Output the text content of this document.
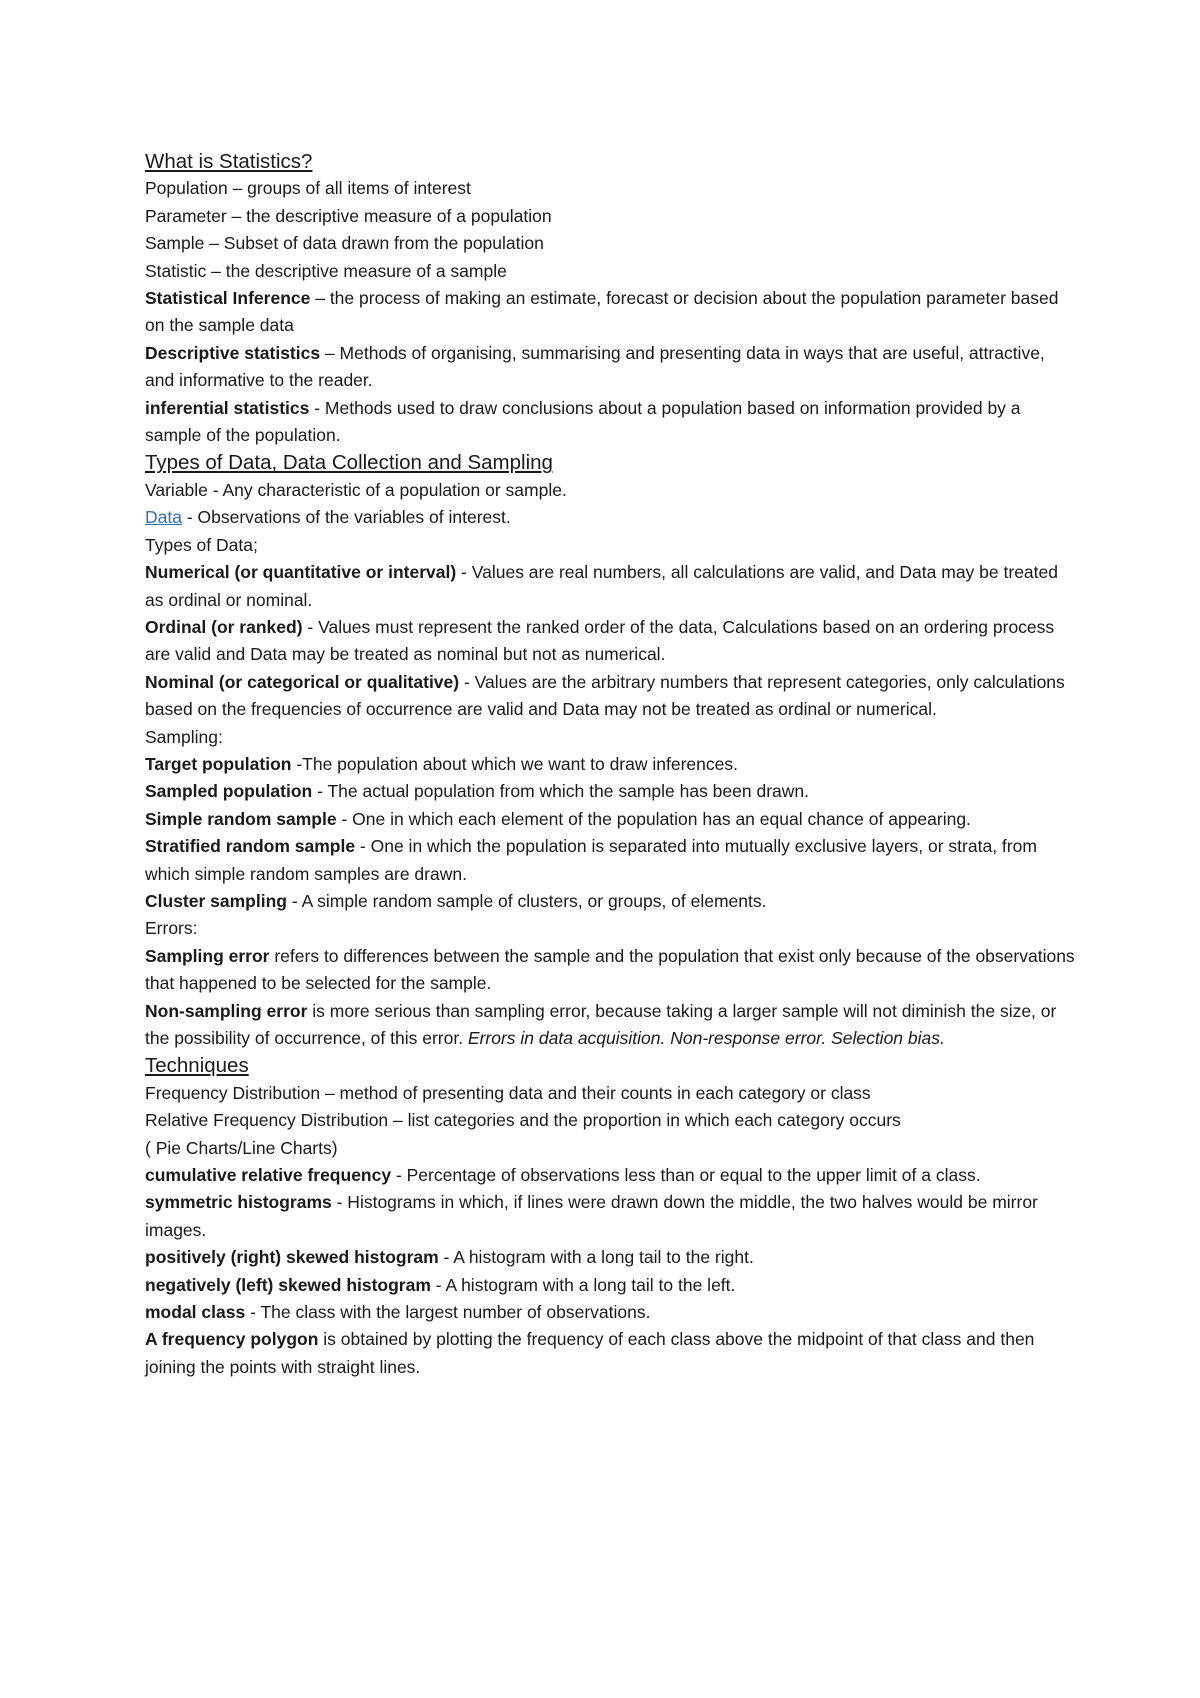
What is Statistics?

Population – groups of all items of interest

Parameter – the descriptive measure of a population

Sample – Subset of data drawn from the population

Statistic – the descriptive measure of a sample

Statistical Inference – the process of making an estimate, forecast or decision about the population parameter based on the sample data

Descriptive statistics – Methods of organising, summarising and presenting data in ways that are useful, attractive, and informative to the reader.

inferential statistics - Methods used to draw conclusions about a population based on information provided by a sample of the population.

Types of Data, Data Collection and Sampling

Variable - Any characteristic of a population or sample.

Data - Observations of the variables of interest.

Types of Data;

Numerical (or quantitative or interval) - Values are real numbers, all calculations are valid, and Data may be treated as ordinal or nominal.

Ordinal (or ranked) - Values must represent the ranked order of the data, Calculations based on an ordering process are valid and Data may be treated as nominal but not as numerical.

Nominal (or categorical or qualitative) - Values are the arbitrary numbers that represent categories, only calculations based on the frequencies of occurrence are valid and Data may not be treated as ordinal or numerical.

Sampling:

Target population -The population about which we want to draw inferences.

Sampled population - The actual population from which the sample has been drawn.

Simple random sample - One in which each element of the population has an equal chance of appearing.

Stratified random sample - One in which the population is separated into mutually exclusive layers, or strata, from which simple random samples are drawn.

Cluster sampling - A simple random sample of clusters, or groups, of elements.

Errors:

Sampling error refers to differences between the sample and the population that exist only because of the observations that happened to be selected for the sample.

Non-sampling error is more serious than sampling error, because taking a larger sample will not diminish the size, or the possibility of occurrence, of this error. Errors in data acquisition. Non-response error. Selection bias.

Techniques

Frequency Distribution – method of presenting data and their counts in each category or class

Relative Frequency Distribution – list categories and the proportion in which each category occurs

( Pie Charts/Line Charts)

cumulative relative frequency - Percentage of observations less than or equal to the upper limit of a class.

symmetric histograms - Histograms in which, if lines were drawn down the middle, the two halves would be mirror images.

positively (right) skewed histogram - A histogram with a long tail to the right.

negatively (left) skewed histogram - A histogram with a long tail to the left.

modal class - The class with the largest number of observations.

A frequency polygon is obtained by plotting the frequency of each class above the midpoint of that class and then joining the points with straight lines.
